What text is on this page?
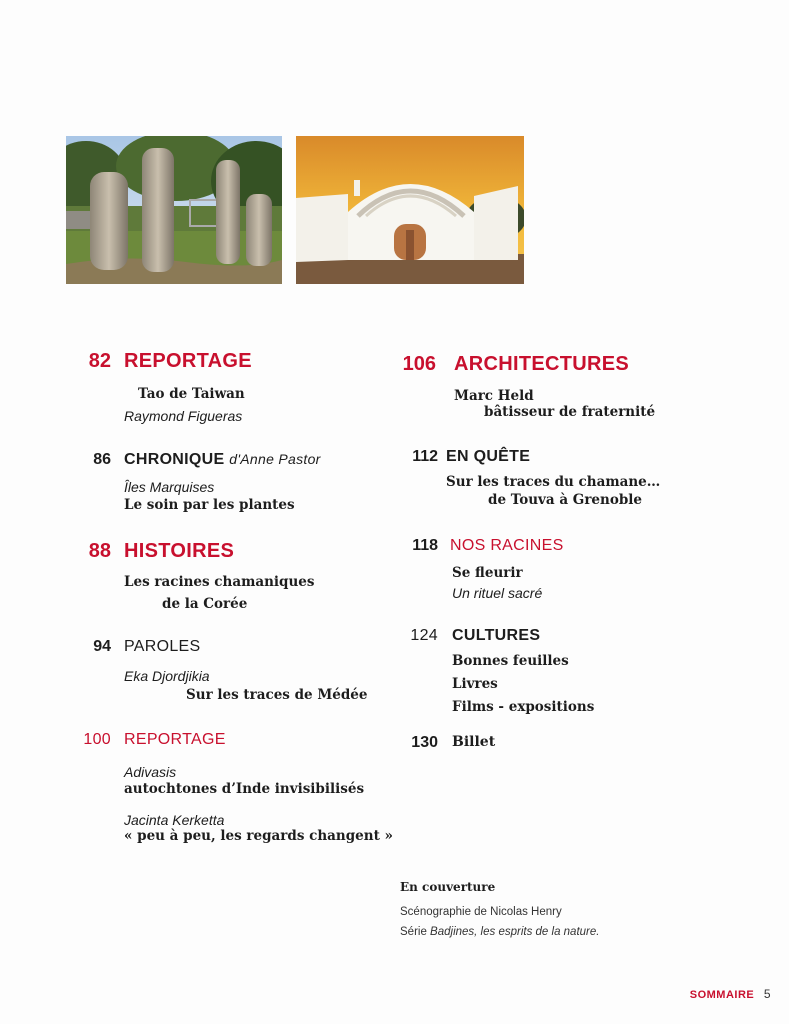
82 REPORTAGE
Tao de Taiwan
Raymond Figueras
86 CHRONIQUE d'Anne Pastor
Îles Marquises
Le soin par les plantes
88 HISTOIRES
Les racines chamaniques
de la Corée
94 PAROLES
Eka Djordjikia
Sur les traces de Médée
100 REPORTAGE
Adivasis
autochtones d’Inde invisibilisés
Jacinta Kerketta
« peu à peu, les regards changent »
106 ARCHITECTURES
Marc Held
bâtisseur de fraternité
112 EN QUÊTE
Sur les traces du chamane…
de Touva à Grenoble
118 NOS RACINES
Se fleurir
Un rituel sacré
124 CULTURES
Bonnes feuilles
Livres
Films - expositions
130 Billet
En couverture
Scénographie de Nicolas Henry
Série Badjines, les esprits de la nature.
SOMMAIRE 5
